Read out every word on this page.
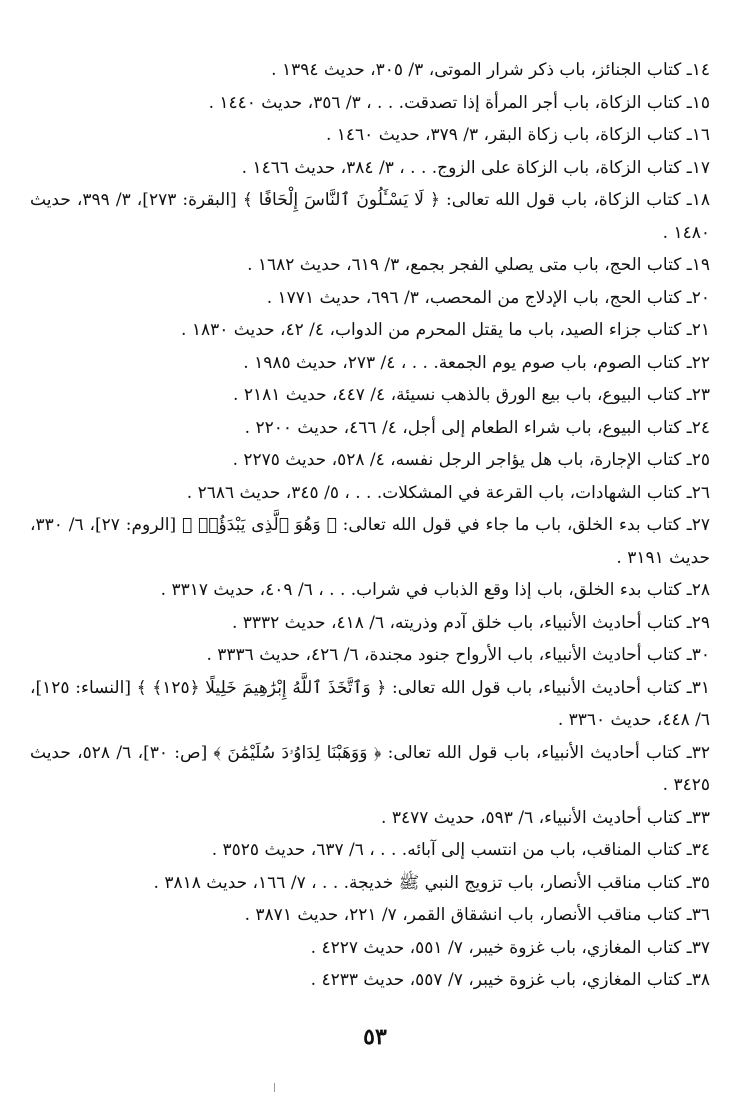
١٤ـ كتاب الجنائز، باب ذكر شرار الموتى، ٣/ ٣٠٥، حديث ١٣٩٤ .
١٥ـ كتاب الزكاة، باب أجر المرأة إذا تصدقت. . . ، ٣/ ٣٥٦، حديث ١٤٤٠ .
١٦ـ كتاب الزكاة، باب زكاة البقر، ٣/ ٣٧٩، حديث ١٤٦٠ .
١٧ـ كتاب الزكاة، باب الزكاة على الزوج. . . ، ٣/ ٣٨٤، حديث ١٤٦٦ .
١٨ـ كتاب الزكاة، باب قول الله تعالى: ﴿ لَا يَسْـَٔلُونَ ٱلنَّاسَ إِلْحَافًا ﴾ [البقرة: ٢٧٣]، ٣/ ٣٩٩، حديث ١٤٨٠ .
١٩ـ كتاب الحج، باب متى يصلي الفجر بجمع، ٣/ ٦١٩، حديث ١٦٨٢ .
٢٠ـ كتاب الحج، باب الإدلاج من المحصب، ٣/ ٦٩٦، حديث ١٧٧١ .
٢١ـ كتاب جزاء الصيد، باب ما يقتل المحرم من الدواب، ٤/ ٤٢، حديث ١٨٣٠ .
٢٢ـ كتاب الصوم، باب صوم يوم الجمعة. . . ، ٤/ ٢٧٣، حديث ١٩٨٥ .
٢٣ـ كتاب البيوع، باب بيع الورق بالذهب نسيئة، ٤/ ٤٤٧، حديث ٢١٨١ .
٢٤ـ كتاب البيوع، باب شراء الطعام إلى أجل، ٤/ ٤٦٦، حديث ٢٢٠٠ .
٢٥ـ كتاب الإجارة، باب هل يؤاجر الرجل نفسه، ٤/ ٥٢٨، حديث ٢٢٧٥ .
٢٦ـ كتاب الشهادات، باب القرعة في المشكلات. . . ، ٥/ ٣٤٥، حديث ٢٦٨٦ .
٢٧ـ كتاب بدء الخلق، باب ما جاء في قول الله تعالى: ﴿ وَهُوَ ٱلَّذِى يَبْدَؤُا۟ ﴾ [الروم: ٢٧]، ٦/ ٣٣٠، حديث ٣١٩١ .
٢٨ـ كتاب بدء الخلق، باب إذا وقع الذباب في شراب. . . ، ٦/ ٤٠٩، حديث ٣٣١٧ .
٢٩ـ كتاب أحاديث الأنبياء، باب خلق آدم وذريته، ٦/ ٤١٨، حديث ٣٣٣٢ .
٣٠ـ كتاب أحاديث الأنبياء، باب الأرواح جنود مجندة، ٦/ ٤٢٦، حديث ٣٣٣٦ .
٣١ـ كتاب أحاديث الأنبياء، باب قول الله تعالى: ﴿ وَٱتَّخَذَ ٱللَّهُ إِبْرَٰهِيمَ خَلِيلًا ﴿١٢٥﴾ ﴾ [النساء: ١٢٥]، ٦/ ٤٤٨، حديث ٣٣٦٠ .
٣٢ـ كتاب أحاديث الأنبياء، باب قول الله تعالى: ﴿ وَوَهَبْنَا لِدَاوُۥدَ سُلَيْمَٰنَ ﴾ [ص: ٣٠]، ٦/ ٥٢٨، حديث ٣٤٢٥ .
٣٣ـ كتاب أحاديث الأنبياء، ٦/ ٥٩٣، حديث ٣٤٧٧ .
٣٤ـ كتاب المناقب، باب من انتسب إلى آبائه. . . ، ٦/ ٦٣٧، حديث ٣٥٢٥ .
٣٥ـ كتاب مناقب الأنصار، باب تزويج النبي ﷺ خديجة. . . ، ٧/ ١٦٦، حديث ٣٨١٨ .
٣٦ـ كتاب مناقب الأنصار، باب انشقاق القمر، ٧/ ٢٢١، حديث ٣٨٧١ .
٣٧ـ كتاب المغازي، باب غزوة خيبر، ٧/ ٥٥١، حديث ٤٢٢٧ .
٣٨ـ كتاب المغازي، باب غزوة خيبر، ٧/ ٥٥٧، حديث ٤٢٣٣ .
٥٣
